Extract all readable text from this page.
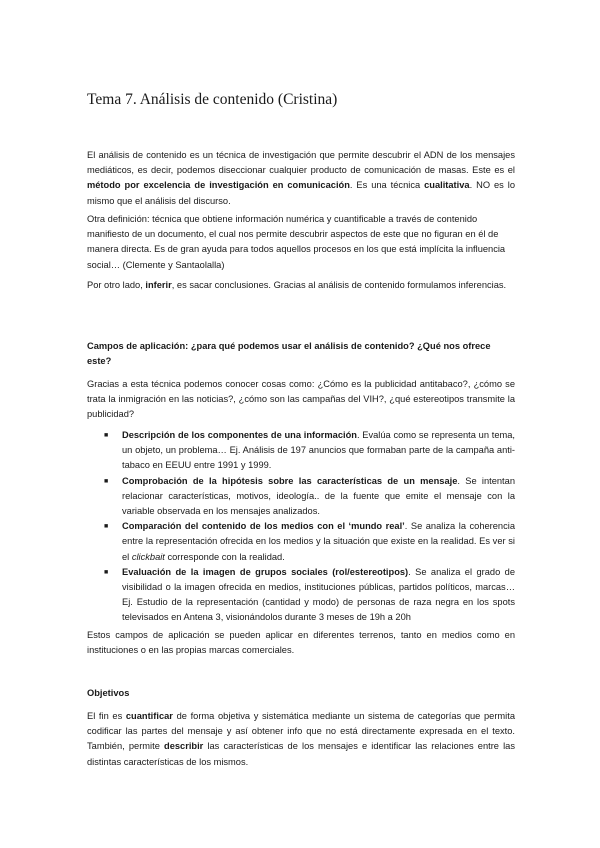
Tema 7. Análisis de contenido (Cristina)

El análisis de contenido es un técnica de investigación que permite descubrir el ADN de los mensajes mediáticos, es decir, podemos diseccionar cualquier producto de comunicación de masas. Este es el método por excelencia de investigación en comunicación. Es una técnica cualitativa. NO es lo mismo que el análisis del discurso.

Otra definición: técnica que obtiene información numérica y cuantificable a través de contenido manifiesto de un documento, el cual nos permite descubrir aspectos de este que no figuran en él de manera directa. Es de gran ayuda para todos aquellos procesos en los que está implícita la influencia social… (Clemente y Santaolalla)

Por otro lado, inferir, es sacar conclusiones. Gracias al análisis de contenido formulamos inferencias.

Campos de aplicación: ¿para qué podemos usar el análisis de contenido? ¿Qué nos ofrece este?

Gracias a esta técnica podemos conocer cosas como: ¿Cómo es la publicidad antitabaco?, ¿cómo se trata la inmigración en las noticias?, ¿cómo son las campañas del VIH?, ¿qué estereotipos transmite la publicidad?

■ Descripción de los componentes de una información. Evalúa como se representa un tema, un objeto, un problema… Ej. Análisis de 197 anuncios que formaban parte de la campaña anti-tabaco en EEUU entre 1991 y 1999.
■ Comprobación de la hipótesis sobre las características de un mensaje. Se intentan relacionar características, motivos, ideología.. de la fuente que emite el mensaje con la variable observada en los mensajes analizados.
■ Comparación del contenido de los medios con el ‘mundo real’. Se analiza la coherencia entre la representación ofrecida en los medios y la situación que existe en la realidad. Es ver si el clickbait corresponde con la realidad.
■ Evaluación de la imagen de grupos sociales (rol/estereotipos). Se analiza el grado de visibilidad o la imagen ofrecida en medios, instituciones públicas, partidos políticos, marcas…Ej. Estudio de la representación (cantidad y modo) de personas de raza negra en los spots televisados en Antena 3, visionándolos durante 3 meses de 19h a 20h

Estos campos de aplicación se pueden aplicar en diferentes terrenos, tanto en medios como en instituciones o en las propias marcas comerciales.

Objetivos

El fin es cuantificar de forma objetiva y sistemática mediante un sistema de categorías que permita codificar las partes del mensaje y así obtener info que no está directamente expresada en el texto. También, permite describir las características de los mensajes e identificar las relaciones entre las distintas características de los mismos.
